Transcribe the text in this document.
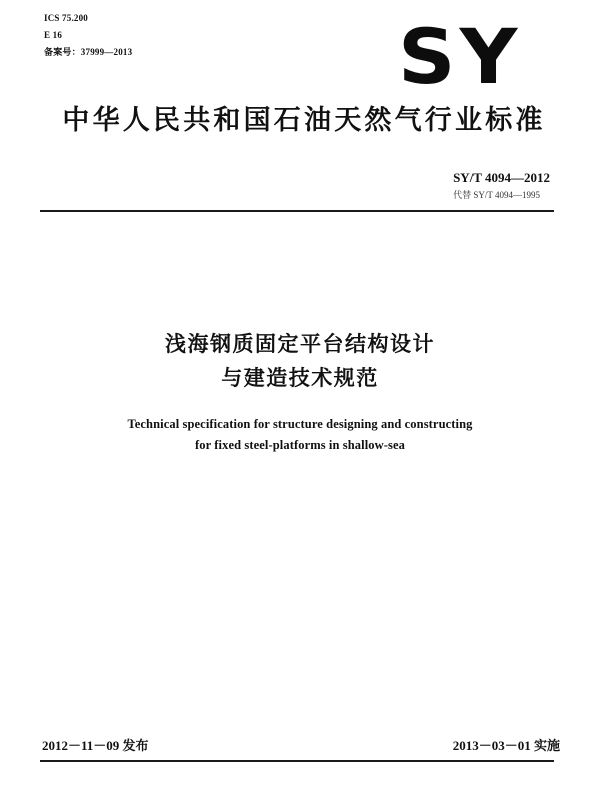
ICS 75.200
E 16
备案号：37999—2013	SY
中华人民共和国石油天然气行业标准
SY/T 4094—2012
代替 SY/T 4094—1995
浅海钢质固定平台结构设计
与建造技术规范
Technical specification for structure designing and constructing
for fixed steel-platforms in shallow-sea
2012－11－09 发布	2013－03－01 实施
